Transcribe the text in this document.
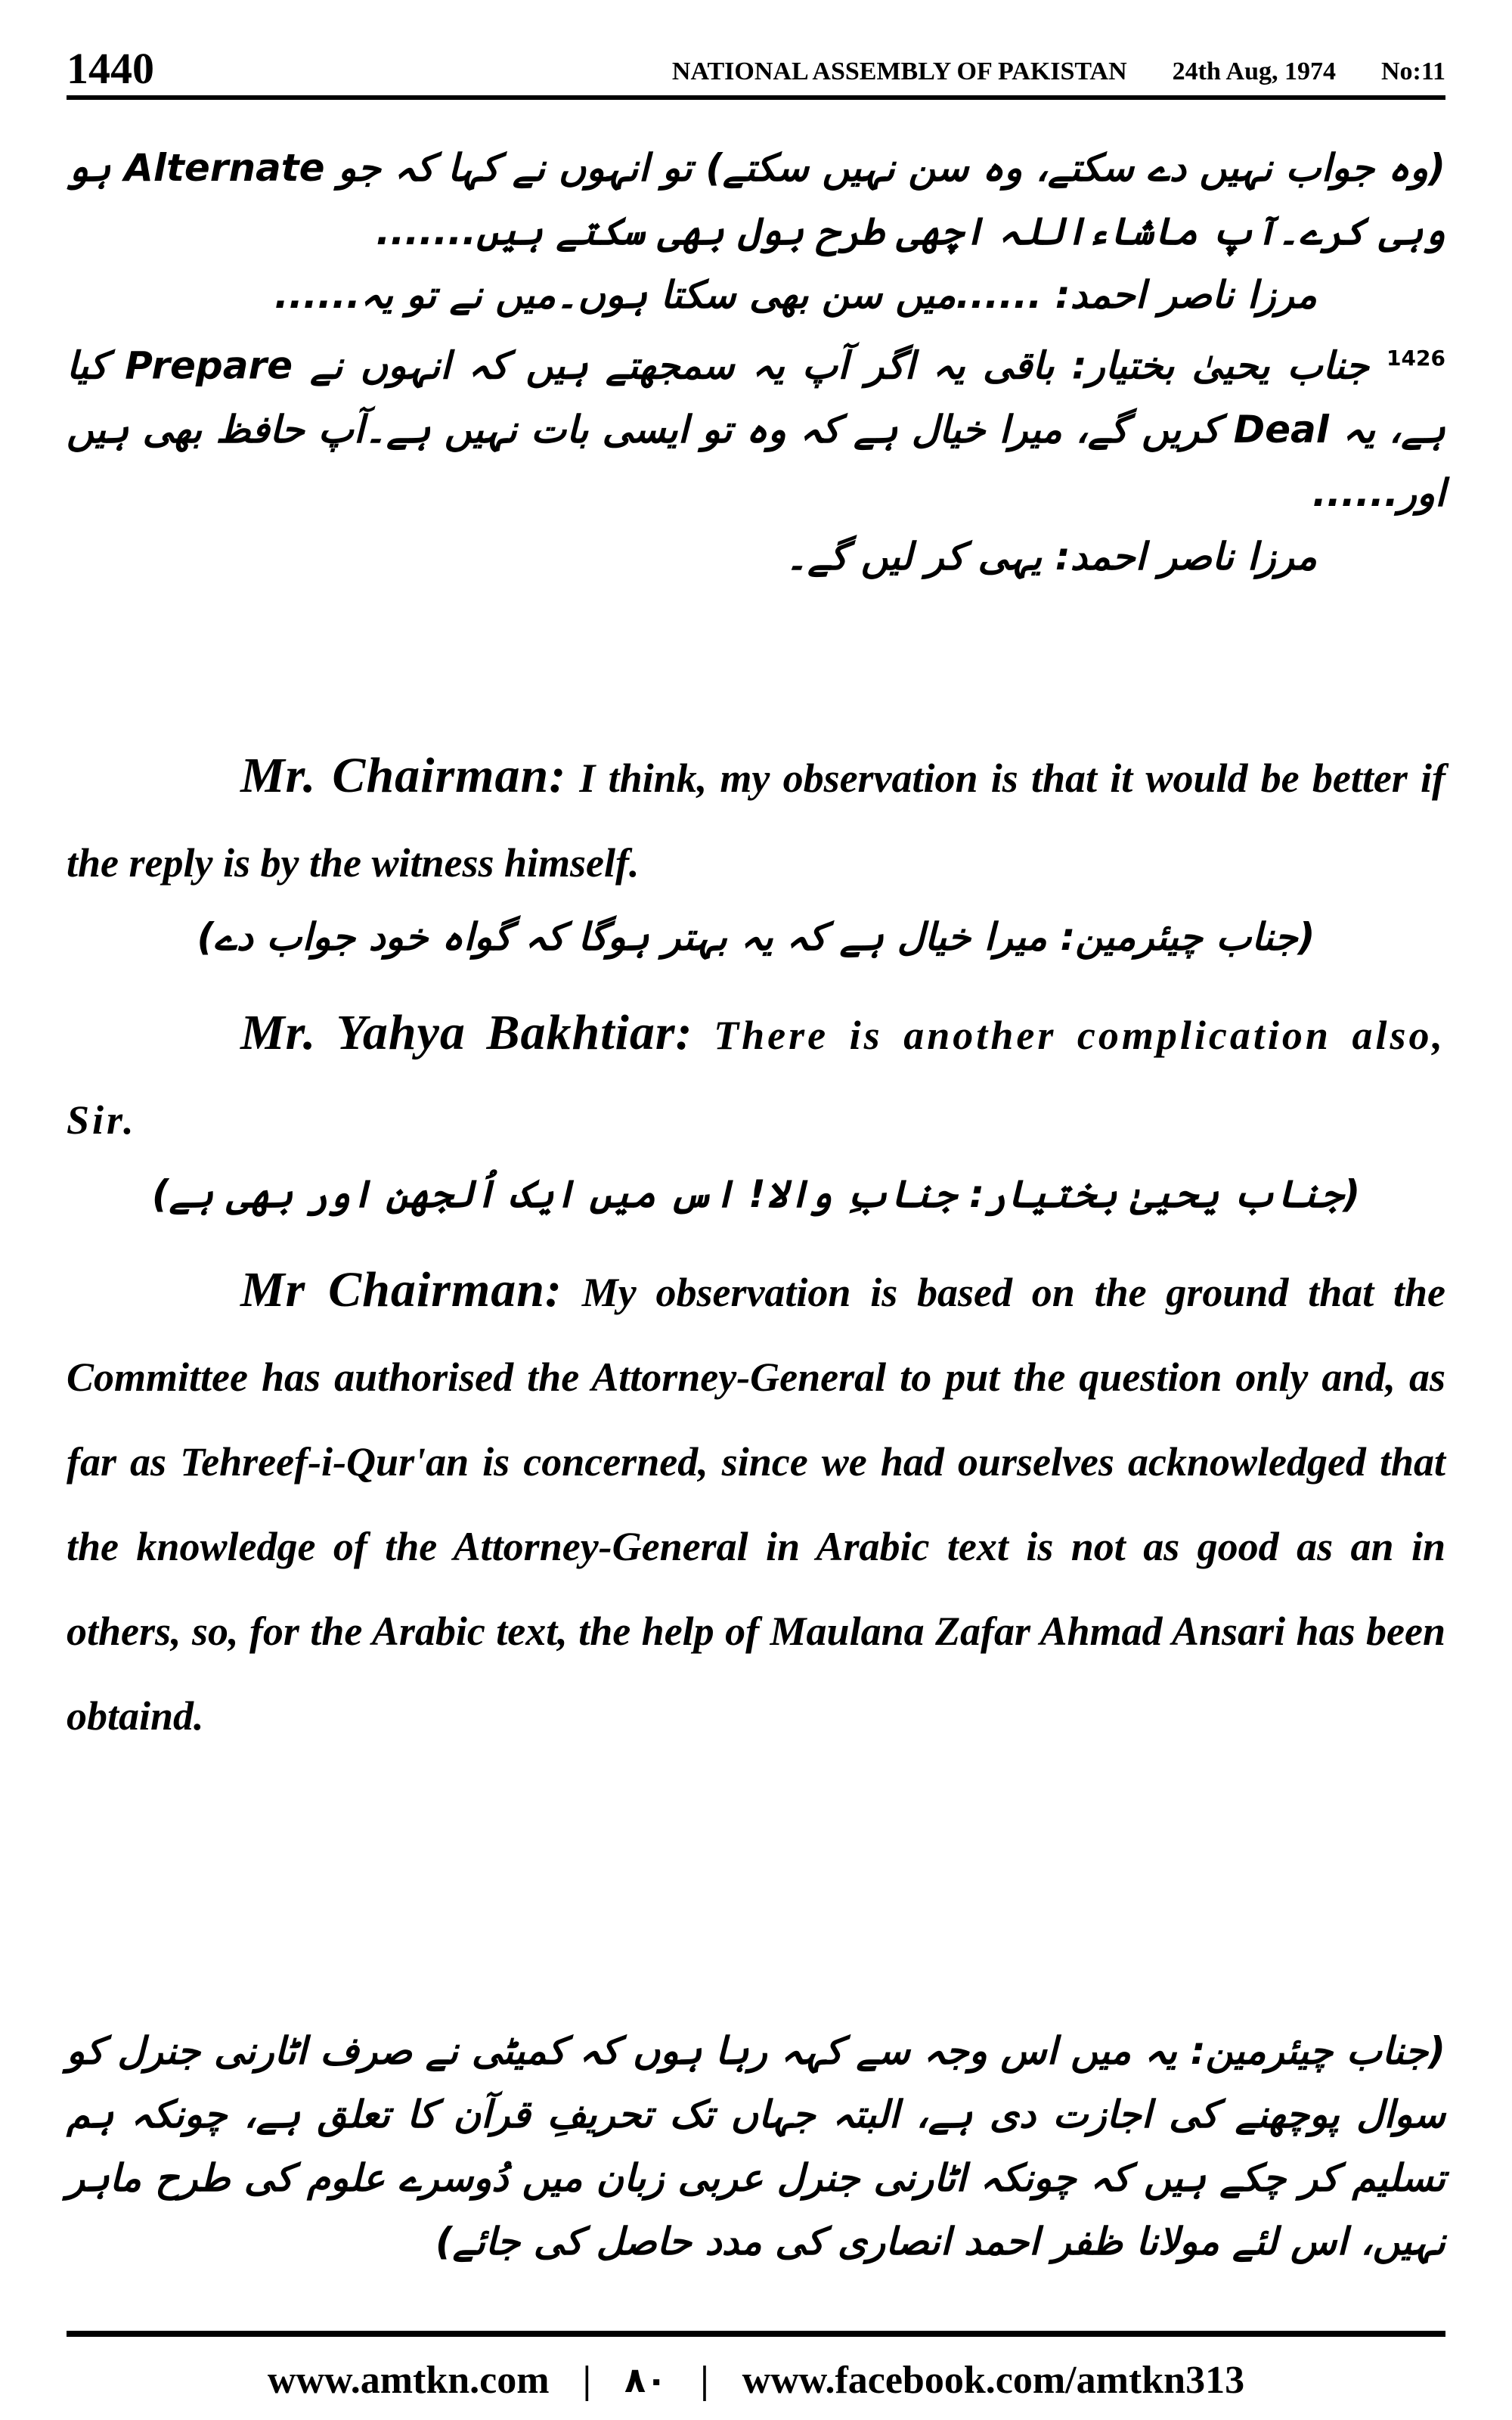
1440	NATIONAL ASSEMBLY OF PAKISTAN 24th Aug, 1974 No:11

(وہ جواب نہیں دے سکتے، وہ سن نہیں سکتے) تو انہوں نے کہا کہ جو Alternate ہو وہی کرے۔آپ ماشاءاللہ اچھی طرح بول بھی سکتے ہیں.......

مرزا ناصر احمد: ......میں سن بھی سکتا ہوں۔میں نے تو یہ......

$^{1426}$ جناب یحییٰ بختیار: باقی یہ اگر آپ یہ سمجھتے ہیں کہ انہوں نے Prepare کیا ہے، یہ Deal کریں گے، میرا خیال ہے کہ وہ تو ایسی بات نہیں ہے۔آپ حافظ بھی ہیں اور......

مرزا ناصر احمد: یہی کر لیں گے۔

Mr. Chairman: I think, my observation is that it would be better if the reply is by the witness himself.

(جناب چیئرمین: میرا خیال ہے کہ یہ بہتر ہوگا کہ گواہ خود جواب دے)

Mr. Yahya Bakhtiar: There is another complication also, Sir.

(جناب یحییٰ بختیار: جنابِ والا! اس میں ایک اُلجھن اور بھی ہے)

Mr Chairman: My observation is based on the ground that the Committee has authorised the Attorney-General to put the question only and, as far as Tehreef-i-Qur'an is concerned, since we had ourselves acknowledged that the knowledge of the Attorney-General in Arabic text is not as good as an in others, so, for the Arabic text, the help of Maulana Zafar Ahmad Ansari has been obtaind.

(جناب چیئرمین: یہ میں اس وجہ سے کہہ رہا ہوں کہ کمیٹی نے صرف اٹارنی جنرل کو سوال پوچھنے کی اجازت دی ہے، البتہ جہاں تک تحریفِ قرآن کا تعلق ہے، چونکہ ہم تسلیم کر چکے ہیں کہ چونکہ اٹارنی جنرل عربی زبان میں دُوسرے علوم کی طرح ماہر نہیں، اس لئے مولانا ظفر احمد انصاری کی مدد حاصل کی جائے)

www.amtkn.com | ۸۰ | www.facebook.com/amtkn313
